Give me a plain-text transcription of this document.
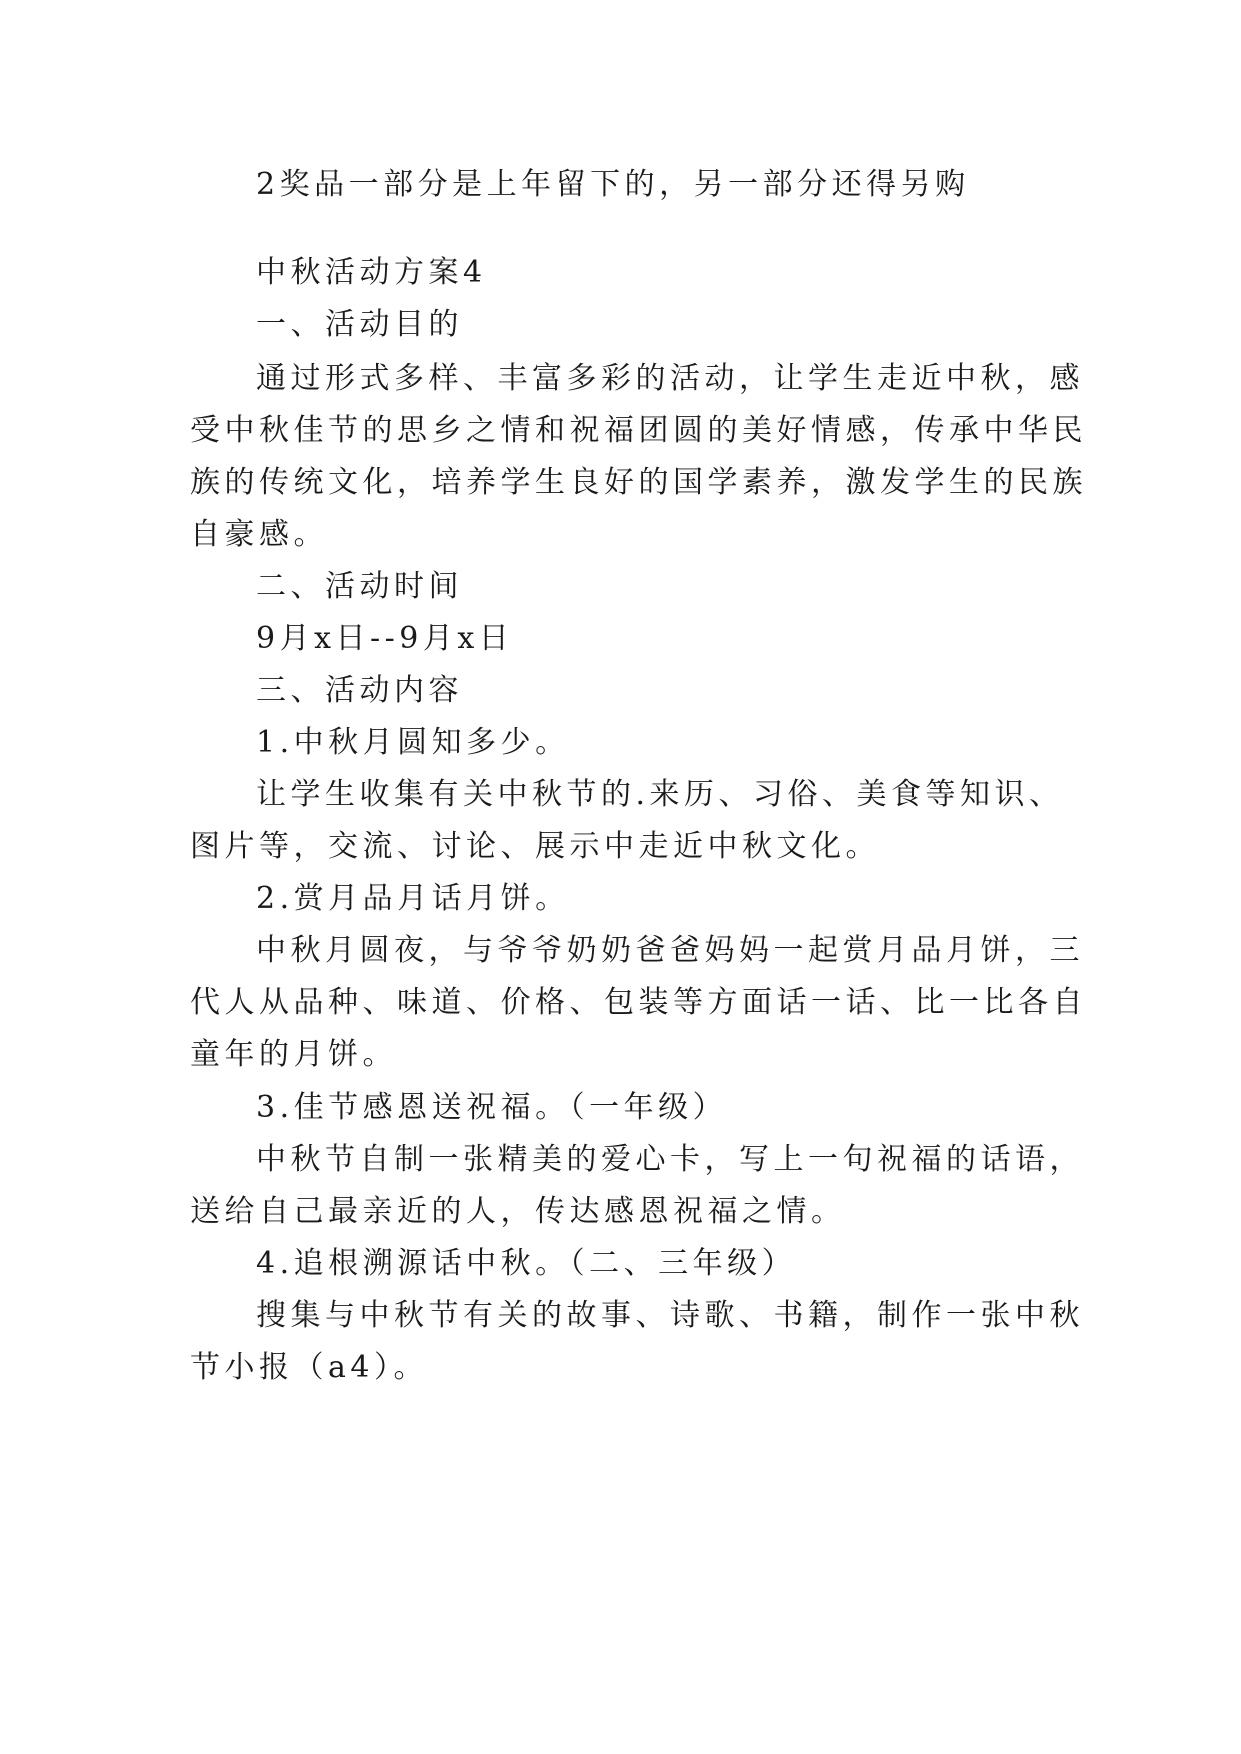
2奖品一部分是上年留下的，另一部分还得另购
中秋活动方案4
一、活动目的
通过形式多样、丰富多彩的活动，让学生走近中秋，感
受中秋佳节的思乡之情和祝福团圆的美好情感，传承中华民
族的传统文化，培养学生良好的国学素养，激发学生的民族
自豪感。
二、活动时间
9月x日--9月x日
三、活动内容
1.中秋月圆知多少。
让学生收集有关中秋节的.来历、习俗、美食等知识、
图片等，交流、讨论、展示中走近中秋文化。
2.赏月品月话月饼。
中秋月圆夜，与爷爷奶奶爸爸妈妈一起赏月品月饼，三
代人从品种、味道、价格、包装等方面话一话、比一比各自
童年的月饼。
3.佳节感恩送祝福。（一年级）
中秋节自制一张精美的爱心卡，写上一句祝福的话语，
送给自己最亲近的人，传达感恩祝福之情。
4.追根溯源话中秋。（二、三年级）
搜集与中秋节有关的故事、诗歌、书籍，制作一张中秋
节小报（a4）。
